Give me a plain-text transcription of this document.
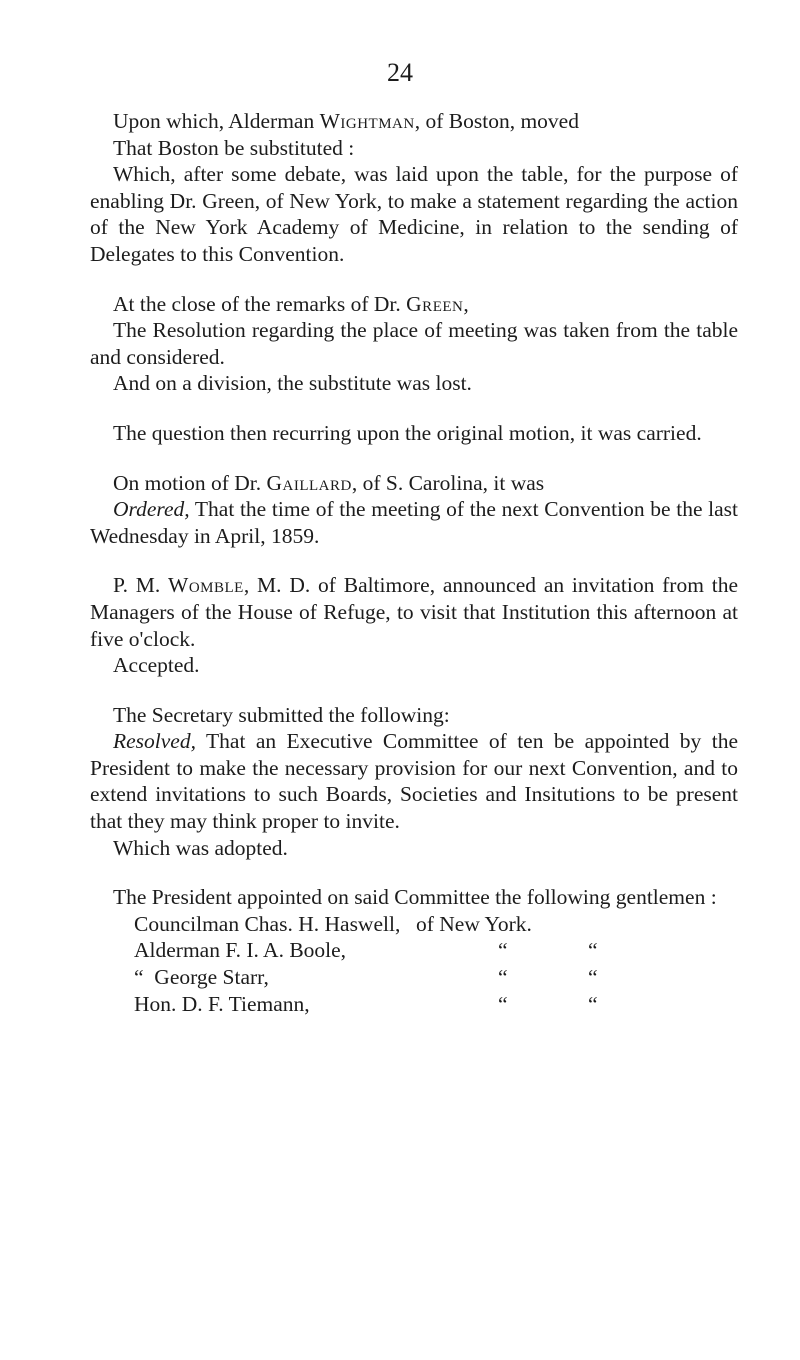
24

Upon which, Alderman Wightman, of Boston, moved

That Boston be substituted :

Which, after some debate, was laid upon the table, for the purpose of enabling Dr. Green, of New York, to make a statement regarding the action of the New York Academy of Medicine, in relation to the sending of Delegates to this Convention.

At the close of the remarks of Dr. Green,

The Resolution regarding the place of meeting was taken from the table and considered.

And on a division, the substitute was lost.

The question then recurring upon the original motion, it was carried.

On motion of Dr. Gaillard, of S. Carolina, it was

Ordered, That the time of the meeting of the next Convention be the last Wednesday in April, 1859.

P. M. Womble, M. D. of Baltimore, announced an invitation from the Managers of the House of Refuge, to visit that Institution this afternoon at five o'clock.

Accepted.

The Secretary submitted the following:

Resolved, That an Executive Committee of ten be appointed by the President to make the necessary provision for our next Convention, and to extend invitations to such Boards, Societies and Insitutions to be present that they may think proper to invite.

Which was adopted.

The President appointed on said Committee the following gentlemen :

Councilman Chas. H. Haswell, of New York.
Alderman F. I. A. Boole,	“	“
“  George Starr,	“	“
Hon. D. F. Tiemann,	“	“
